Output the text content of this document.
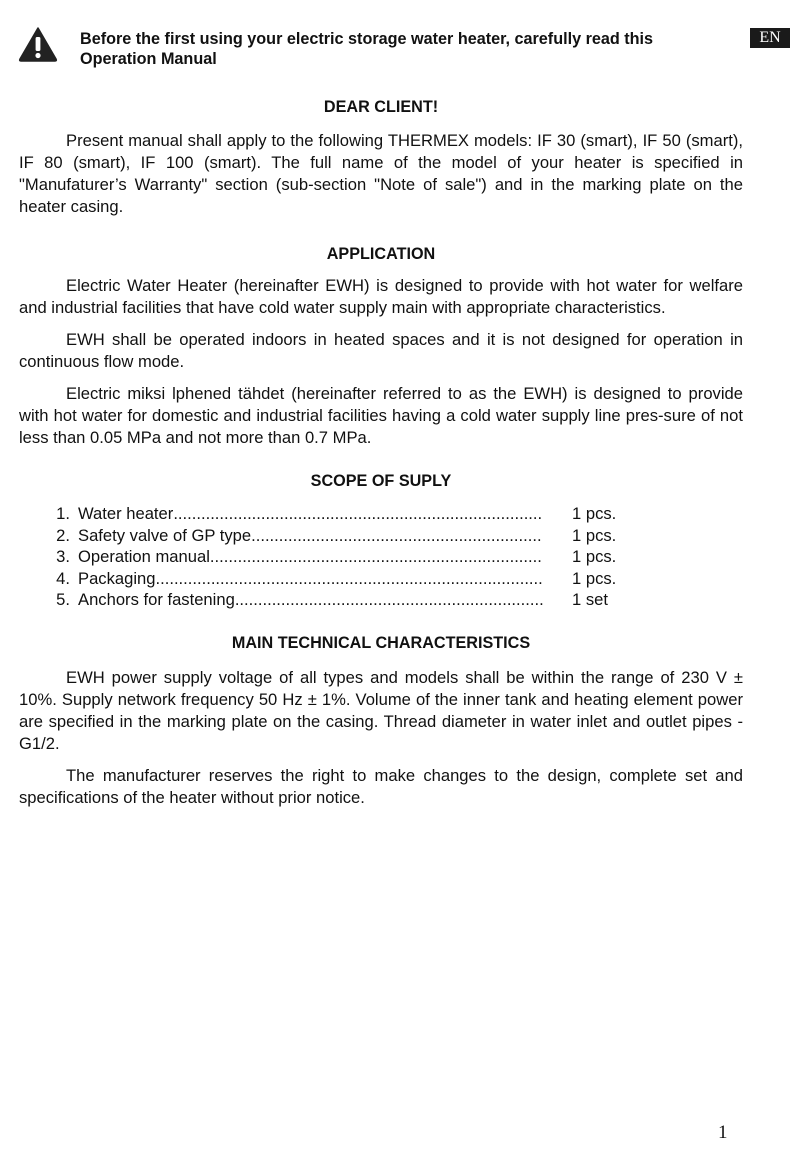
Before the first using your electric storage water heater, carefully read this Operation Manual
EN
DEAR CLIENT!

Present manual shall apply to the following THERMEX models: IF 30 (smart), IF 50 (smart), IF 80 (smart), IF 100 (smart). The full name of the model of your heater is specified in "Manufaturer’s Warranty" section (sub-section "Note of sale") and in the marking plate on the heater casing.

APPLICATION

Electric Water Heater (hereinafter EWH) is designed to provide with hot water for welfare and industrial facilities that have cold water supply main with appropriate characteristics.

EWH shall be operated indoors in heated spaces and it is not designed for operation in continuous flow mode.

Electric miksi lphened tähdet (hereinafter referred to as the EWH) is designed to provide with hot water for domestic and industrial facilities having a cold water supply line pres-sure of not less than 0.05 MPa and not more than 0.7 MPa.

SCOPE OF SUPLY
1. Water heater .....	1 pcs.
2. Safety valve of GP type .....	1 pcs.
3. Operation manual .....	1 pcs.
4. Packaging .....	1 pcs.
5. Anchors for fastening .....	1 set
MAIN TECHNICAL CHARACTERISTICS

EWH power supply voltage of all types and models shall be within the range of 230 V ± 10%. Supply network frequency 50 Hz ± 1%. Volume of the inner tank and heating element power are specified in the marking plate on the casing. Thread diameter in water inlet and outlet pipes - G1/2.

The manufacturer reserves the right to make changes to the design, complete set and specifications of the heater without prior notice.

1
